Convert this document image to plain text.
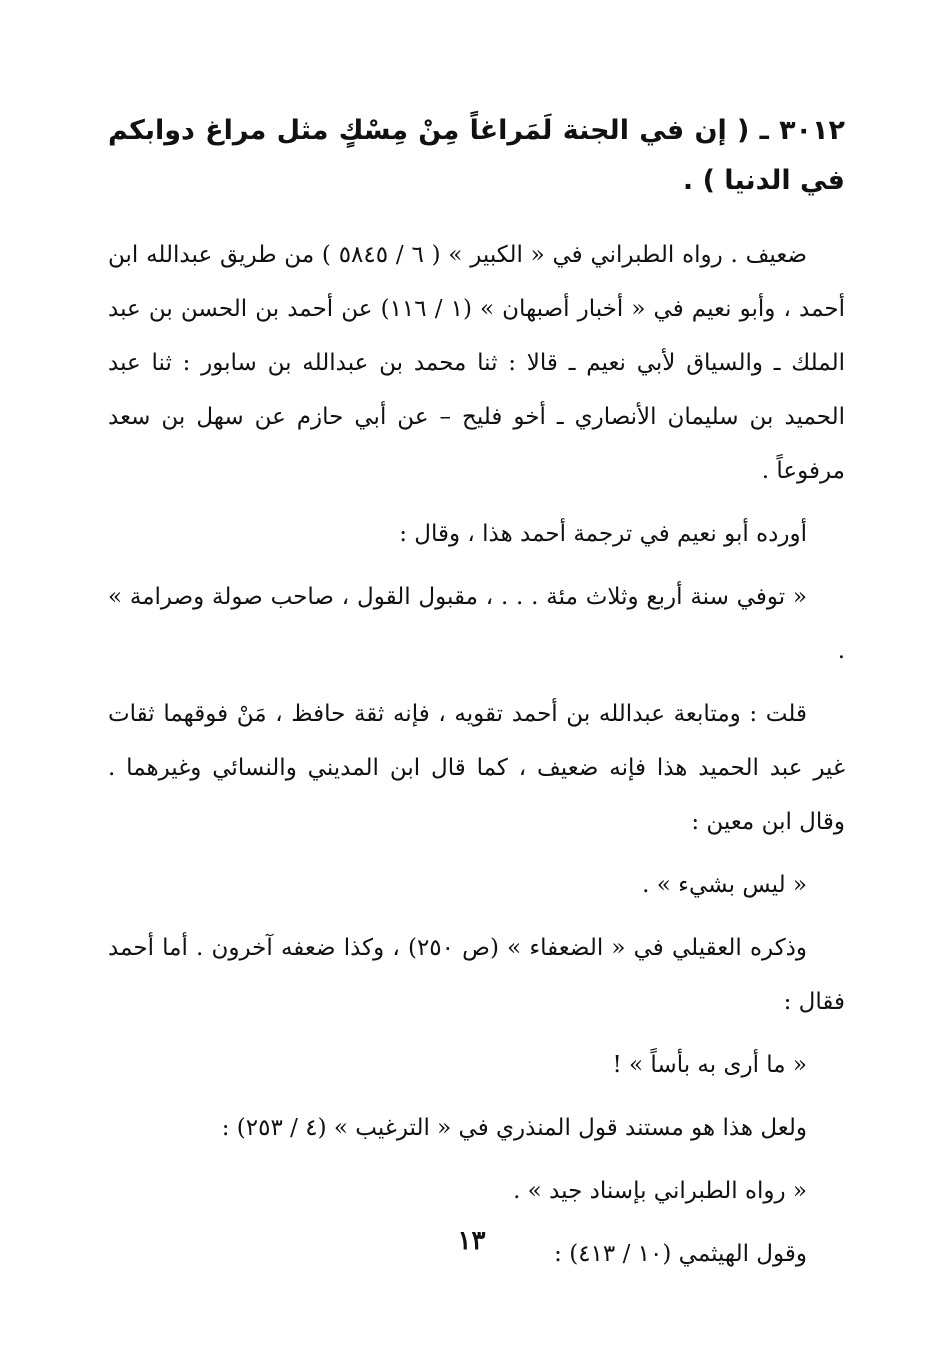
٣٠١٢ ـ ( إن في الجنة لَمَراغاً مِنْ مِسْكٍ مثل مراغ دوابكم في الدنيا ) .

ضعيف . رواه الطبراني في « الكبير » ( ٦ / ٥٨٤٥ ) من طريق عبدالله ابن أحمد ، وأبو نعيم في « أخبار أصبهان » (١ / ١١٦) عن أحمد بن الحسن بن عبد الملك ـ والسياق لأبي نعيم ـ قالا : ثنا محمد بن عبدالله بن سابور : ثنا عبد الحميد بن سليمان الأنصاري ـ أخو فليح – عن أبي حازم عن سهل بن سعد مرفوعاً .

أورده أبو نعيم في ترجمة أحمد هذا ، وقال :

« توفي سنة أربع وثلاث مئة . . . ، مقبول القول ، صاحب صولة وصرامة » .

قلت : ومتابعة عبدالله بن أحمد تقويه ، فإنه ثقة حافظ ، مَنْ فوقهما ثقات غير عبد الحميد هذا فإنه ضعيف ، كما قال ابن المديني والنسائي وغيرهما . وقال ابن معين :

« ليس بشيء » .

وذكره العقيلي في « الضعفاء » (ص ٢٥٠) ، وكذا ضعفه آخرون . أما أحمد فقال :

« ما أرى به بأساً » !

ولعل هذا هو مستند قول المنذري في « الترغيب » (٤ / ٢٥٣) :

« رواه الطبراني بإسناد جيد » .

وقول الهيثمي (١٠ / ٤١٣) :

١٣
